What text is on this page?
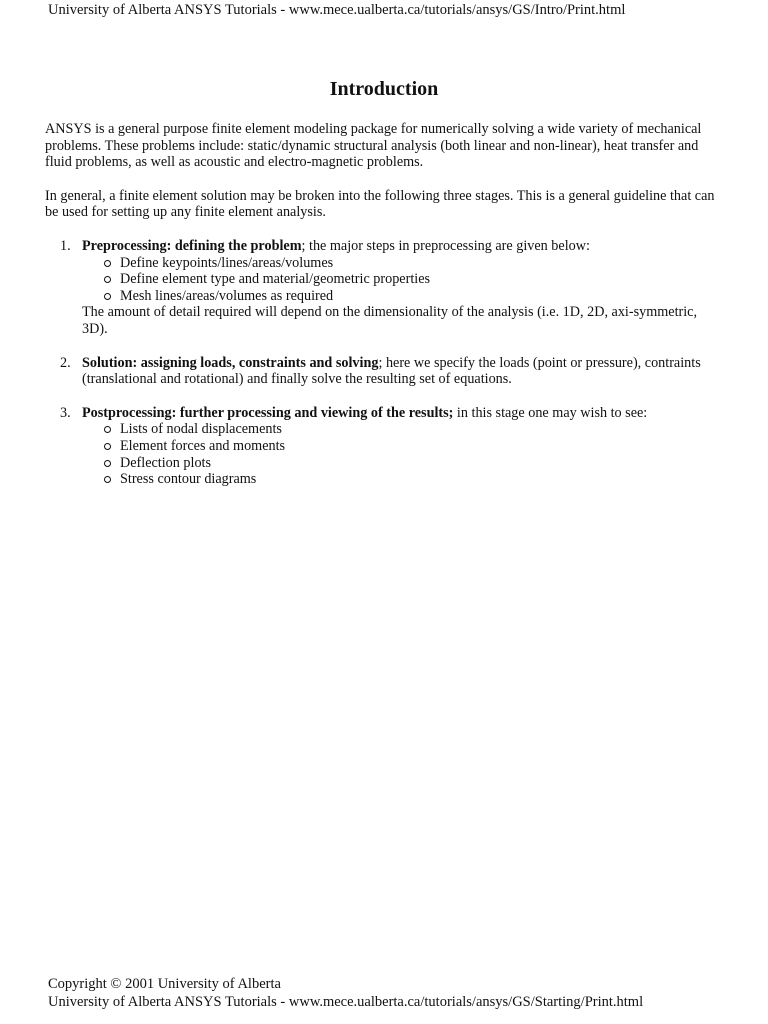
University of Alberta ANSYS Tutorials - www.mece.ualberta.ca/tutorials/ansys/GS/Intro/Print.html
Introduction

ANSYS is a general purpose finite element modeling package for numerically solving a wide variety of mechanical problems. These problems include: static/dynamic structural analysis (both linear and non-linear), heat transfer and fluid problems, as well as acoustic and electro-magnetic problems.

In general, a finite element solution may be broken into the following three stages. This is a general guideline that can be used for setting up any finite element analysis.

1. Preprocessing: defining the problem; the major steps in preprocessing are given below:
Define keypoints/lines/areas/volumes
Define element type and material/geometric properties
Mesh lines/areas/volumes as required
The amount of detail required will depend on the dimensionality of the analysis (i.e. 1D, 2D, axi-symmetric, 3D).
2. Solution: assigning loads, constraints and solving; here we specify the loads (point or pressure), contraints (translational and rotational) and finally solve the resulting set of equations.
3. Postprocessing: further processing and viewing of the results; in this stage one may wish to see:
Lists of nodal displacements
Element forces and moments
Deflection plots
Stress contour diagrams
Copyright © 2001 University of Alberta
University of Alberta ANSYS Tutorials - www.mece.ualberta.ca/tutorials/ansys/GS/Starting/Print.html
